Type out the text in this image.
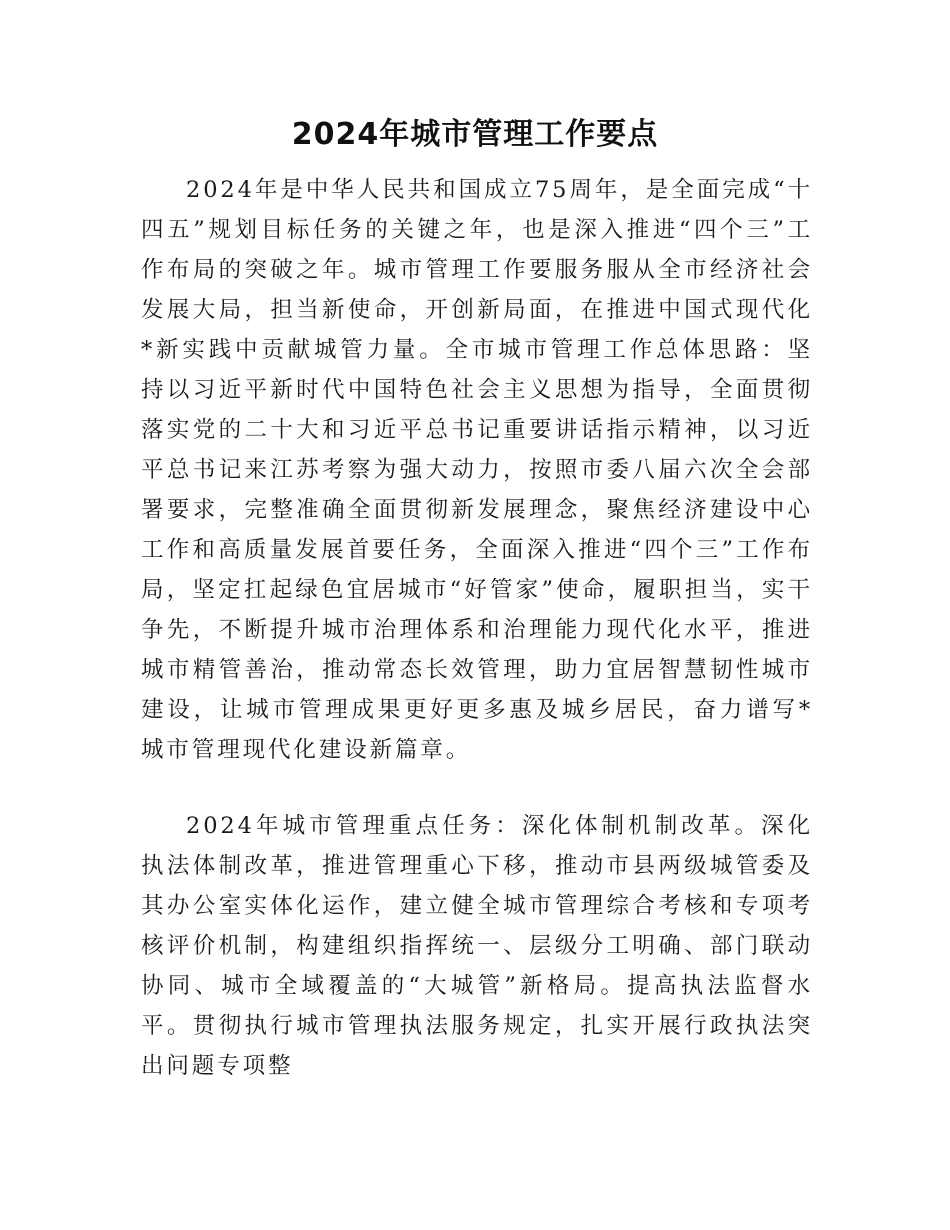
2024年城市管理工作要点

2024年是中华人民共和国成立75周年，是全面完成“十四五”规划目标任务的关键之年，也是深入推进“四个三”工作布局的突破之年。城市管理工作要服务服从全市经济社会发展大局，担当新使命，开创新局面，在推进中国式现代化*新实践中贡献城管力量。全市城市管理工作总体思路：坚持以习近平新时代中国特色社会主义思想为指导，全面贯彻落实党的二十大和习近平总书记重要讲话指示精神，以习近平总书记来江苏考察为强大动力，按照市委八届六次全会部署要求，完整准确全面贯彻新发展理念，聚焦经济建设中心工作和高质量发展首要任务，全面深入推进“四个三”工作布局，坚定扛起绿色宜居城市“好管家”使命，履职担当，实干争先，不断提升城市治理体系和治理能力现代化水平，推进城市精管善治，推动常态长效管理，助力宜居智慧韧性城市建设，让城市管理成果更好更多惠及城乡居民，奋力谱写*城市管理现代化建设新篇章。

2024年城市管理重点任务：深化体制机制改革。深化执法体制改革，推进管理重心下移，推动市县两级城管委及其办公室实体化运作，建立健全城市管理综合考核和专项考核评价机制，构建组织指挥统一、层级分工明确、部门联动协同、城市全域覆盖的“大城管”新格局。提高执法监督水平。贯彻执行城市管理执法服务规定，扎实开展行政执法突出问题专项整
